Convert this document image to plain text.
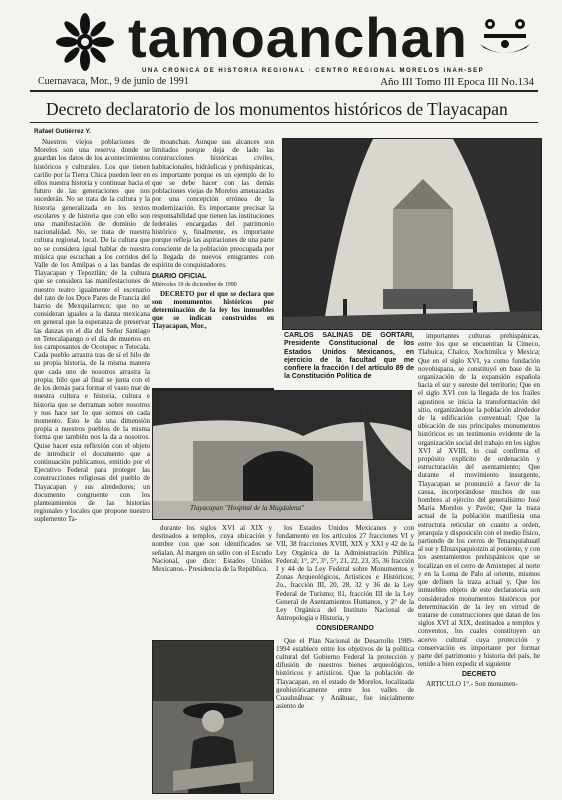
tamoanchan
UNA CRONICA DE HISTORIA REGIONAL · CENTRO REGIONAL MORELOS INAH-SEP
Cuernavaca, Mor., 9 de junio de 1991	Año III Tomo III Epoca III No.134
Decreto declaratorio de los monumentos históricos de Tlayacapan
Rafael Gutiérrez Y.

Nuestros viejos poblaciones de Morelos son una reserva donde se guardan los datos de los acontecimientos históricos y culturales. Los que tienen cariño por la Tierra Chica pueden leer en ellos nuestra historia y continuar hacia el futuro de las generaciones que nos sucederán. No se trata de la cultura y la historia generalizada en los textos escolares y de historia que con ello son una manifestación de dominio de nacionalidad. No, se trata de nuestra cultura regional, local. De la cultura que no se considera igual hablar de nuestra música que escuchan a los corridos del Valle de los Amilpas o a las bandas de Tlayacapan y Tepoztlán; de la cultura que se considera las manifestaciones de nuestro teatro igualmente el escenario del rato de los Doce Pares de Francia del barrio de Mexquilarreco; que no se consideran iguales a la danza mexicana en general que la esperanza de preservar las danzas en el día del Señor Santiago en Tetecalapango o el día de muertos en los camposantos de Ocotepec o Tetecala. Cada pueblo arrastra tras de sí el hilo de su propia historia, de la misma manera que cada uno de nosotros arrastra la propia; hilo que al final se junta con el de los demás para formar el vasto mar de nuestra cultura e historia, cultura e historia que se derraman sobre nosotros y nos hace ser lo que somos en cada momento. Esto le da una dimensión propia a nuestros pueblos de la misma forma que también nos la da a nosotros. Quise hacer esta reflexión con el objeto de introducir el documento que a continuación publicamos, emitido por el Ejecutivo Federal para proteger las construcciones religiosas del pueblo de Tlayacapan y sus alrededores; un documento congruente con los planteamientos de las historias regionales y locales que propone nuestro suplemento Ta-

moanchan. Aunque sus alcances son limitados porque deja de lado las construcciones históricas civiles, habitacionales, hidráulicas y prehispánicas, es importante porque es un ejemplo de lo que se debe hacer con las demás poblaciones viejas de Morelos amenazadas por una concepción errónea de la modernización. Es importante precisar la responsabilidad que tienen las instituciones federales encargadas del patrimonio histórico y, finalmente, es importante porque refleja las aspiraciones de una parte consciente de la población preocupada por la llegada de nuevos emigrantes con espíritu de conquistadores.

DIARIO OFICIAL
Miércoles 19 de diciembre de 1990

DECRETO por el que se declara que son monumentos históricos por determinación de la ley los inmuebles que se indican construidos en Tlayacapan, Mor.,

CARLOS SALINAS DE GORTARI, Presidente Constitucional de los Estados Unidos Mexicanos, en ejercicio de la facultad que me confiere la fracción I del artículo 89 de la Constitución Política de
Tlayacapan "Hospital de la Magdalena"

importantes culturas prehispánicas, entre los que se encuentran la Cimeco, Tlahuica, Chalco, Xochimilca y Mexica; Que en el siglo XVI, ya como fundación novohispana, se constituyó en base de la organización de la expansión española hacia el sur y sureste del territorio; Que en el siglo XVI con la llegada de los frailes agustinos se inicia la transformación del sitio, organizándose la población alrededor de la edificación conventual; Que la ubicación de sus principales monumentos históricos es un testimonio evidente de la organización social del trabajo en los siglos XVI al XVIII, lo cual confirma el propósito explícito de ordenación y estructuración del asentamiento; Que durante el movimiento insurgente, Tlayacapan se pronunció a favor de la causa, incorporándose muchos de sus hombres al ejército del generalísimo José María Morelos y Pavón; Que la traza actual de la población manifiesta una estructura reticular en cuanto a orden, jerarquía y disposición con el medio físico, partiendo de los cerros de Tenanquiahuatl al sur y Ehuaxpaquiotzin al poniente, y con los asentamientos prehispánicos que se localizan en el cerro de Amixtepec al norte y en la Loma de Palo al oriente, mismos que definen la traza actual y, Que los inmuebles objeto de este declaratoria son considerados monumentos históricos por determinación de la ley en virtud de tratarse de construcciones que datan de los siglos XVI al XIX, destinados a templos y conventos, los cuales constituyen un acervo cultural cuya protección y conservación es importante por formar parte del patrimonio y historia del país, he tenido a bien expedir el siguiente

DECRETO

ARTICULO 1°.- Son monumen-

durante los siglos XVI al XIX y destinados a templos, cuya ubicación y nombre con que son identificados se señalan. Al margen un sello con el Escudo Nacional, que dice: Estados Unidos Mexicanos.- Presidencia de la República.

los Estados Unidos Mexicanos y con fundamento en los artículos 27 fracciones VI y VII, 38 fracciones XVIII, XIX y XXI y 42 de la Ley Orgánica de la Administración Pública Federal; 1°, 2°, 3°, 5°, 21, 22, 23, 35, 36 fracción I y 44 de la Ley Federal sobre Monumentos y Zonas Arqueológicos, Artísticos e Históricos; 2o., fracción III, 20, 28, 32 y 36 de la Ley Federal de Turismo; 81, fracción III de la Ley General de Asentamientos Humanos, y 2° de la Ley Orgánica del Instituto Nacional de Antropología e Historia, y

CONSIDERANDO

Que el Plan Nacional de Desarrollo 1989-1994 establece entre los objetivos de la política cultural del Gobierno Federal la protección y difusión de nuestros bienes arqueológicos, históricos y artísticos. Que la población de Tlayacapan, en el estado de Morelos, localizada geohistóricamente entre los valles de Cuauhnáhuac y Anáhuac, fue inicialmente asiento de
